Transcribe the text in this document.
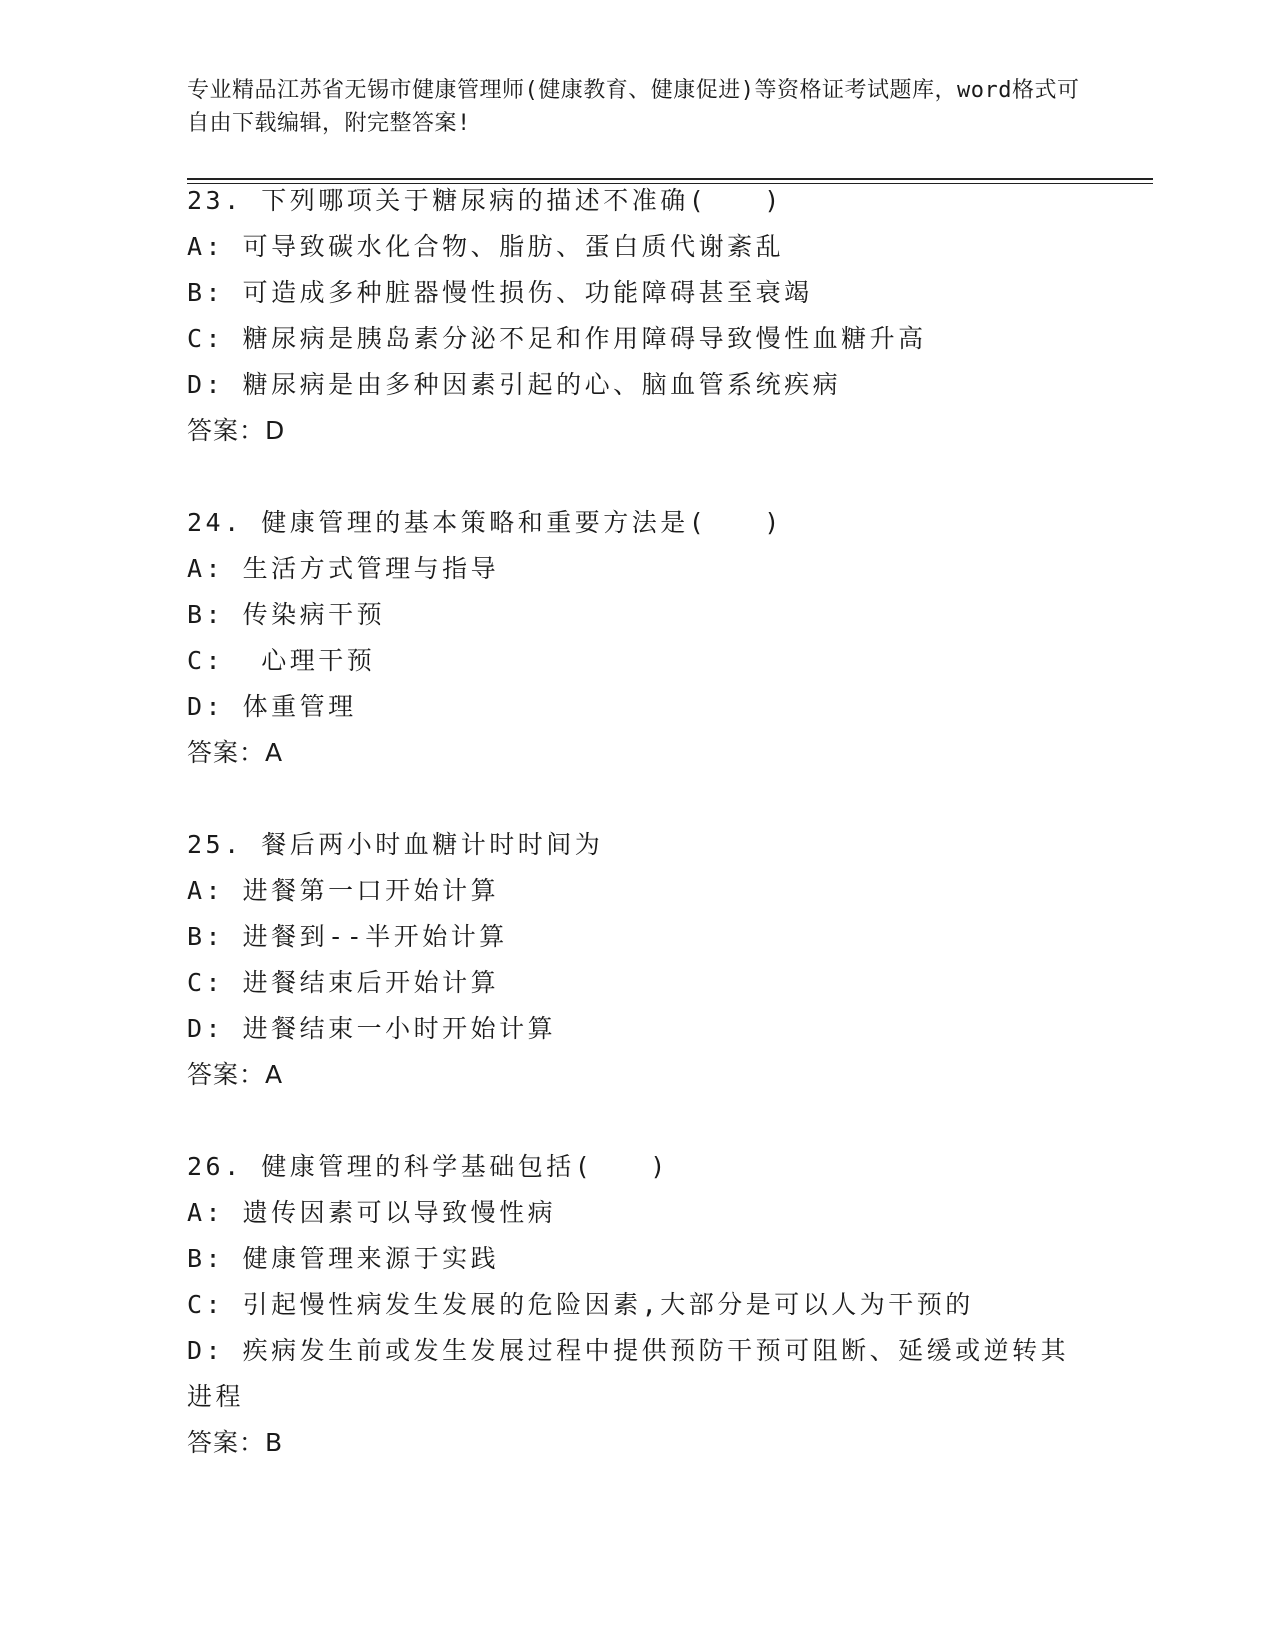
专业精品江苏省无锡市健康管理师(健康教育、健康促进)等资格证考试题库，word格式可自由下载编辑，附完整答案!
23. 下列哪项关于糖尿病的描述不准确(　　)
A: 可导致碳水化合物、脂肪、蛋白质代谢紊乱
B: 可造成多种脏器慢性损伤、功能障碍甚至衰竭
C: 糖尿病是胰岛素分泌不足和作用障碍导致慢性血糖升高
D: 糖尿病是由多种因素引起的心、脑血管系统疾病
答案：D
24. 健康管理的基本策略和重要方法是(　　)
A: 生活方式管理与指导
B: 传染病干预
C:  心理干预
D: 体重管理
答案：A
25. 餐后两小时血糖计时时间为
A: 进餐第一口开始计算
B: 进餐到--半开始计算
C: 进餐结束后开始计算
D: 进餐结束一小时开始计算
答案：A
26. 健康管理的科学基础包括(　　)
A: 遗传因素可以导致慢性病
B: 健康管理来源于实践
C: 引起慢性病发生发展的危险因素,大部分是可以人为干预的
D: 疾病发生前或发生发展过程中提供预防干预可阻断、延缓或逆转其进程
答案：B
